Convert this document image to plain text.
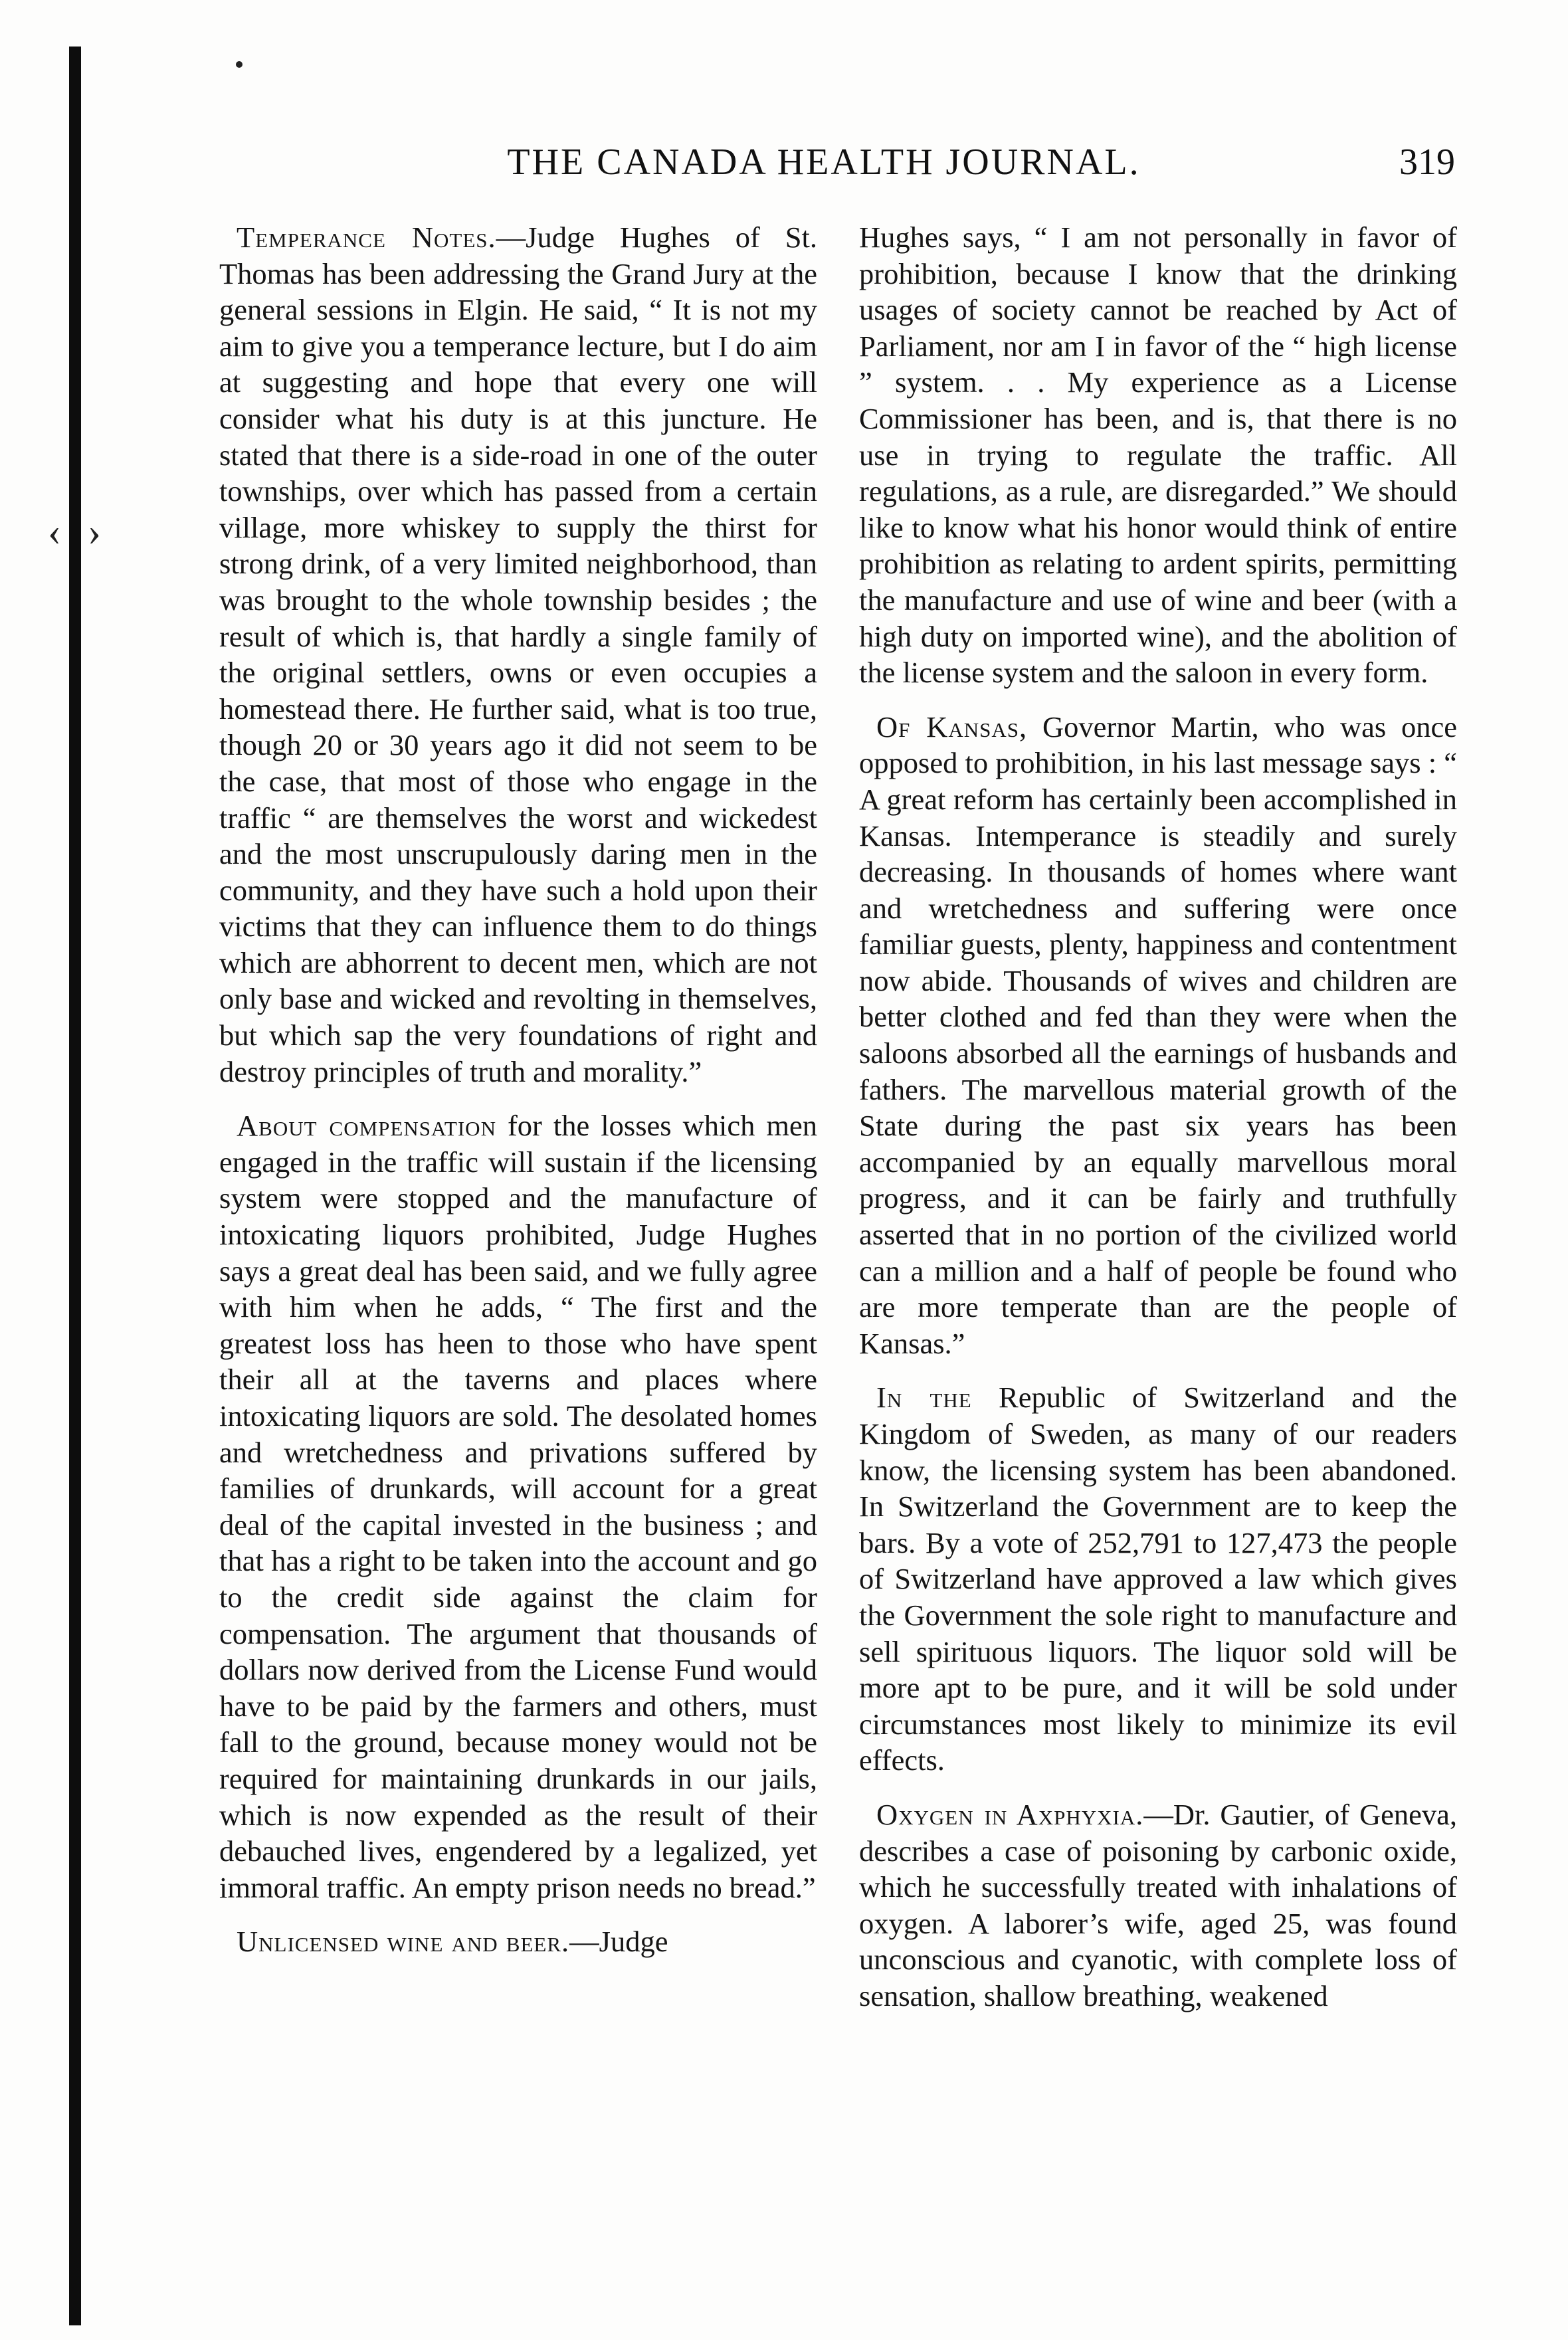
‹ ›
THE CANADA HEALTH JOURNAL.	319

Temperance Notes.—Judge Hughes of St. Thomas has been addressing the Grand Jury at the general sessions in Elgin. He said, “ It is not my aim to give you a temperance lecture, but I do aim at suggesting and hope that every one will consider what his duty is at this juncture. He stated that there is a side-road in one of the outer townships, over which has passed from a certain village, more whiskey to supply the thirst for strong drink, of a very limited neighborhood, than was brought to the whole township besides ; the result of which is, that hardly a single family of the original settlers, owns or even occupies a homestead there. He further said, what is too true, though 20 or 30 years ago it did not seem to be the case, that most of those who engage in the traffic “ are themselves the worst and wickedest and the most unscrupulously daring men in the community, and they have such a hold upon their victims that they can influence them to do things which are abhorrent to decent men, which are not only base and wicked and revolting in themselves, but which sap the very foundations of right and destroy principles of truth and morality.”

About compensation for the losses which men engaged in the traffic will sustain if the licensing system were stopped and the manufacture of intoxicating liquors prohibited, Judge Hughes says a great deal has been said, and we fully agree with him when he adds, “ The first and the greatest loss has heen to those who have spent their all at the taverns and places where intoxicating liquors are sold. The desolated homes and wretchedness and privations suffered by families of drunkards, will account for a great deal of the capital invested in the business ; and that has a right to be taken into the account and go to the credit side against the claim for compensation. The argument that thousands of dollars now derived from the License Fund would have to be paid by the farmers and others, must fall to the ground, because money would not be required for maintaining drunkards in our jails, which is now expended as the result of their debauched lives, engendered by a legalized, yet immoral traffic. An empty prison needs no bread.”

Unlicensed wine and beer.—Judge

Hughes says, “ I am not personally in favor of prohibition, because I know that the drinking usages of society cannot be reached by Act of Parliament, nor am I in favor of the “ high license ” system. . . My experience as a License Commissioner has been, and is, that there is no use in trying to regulate the traffic. All regulations, as a rule, are disregarded.” We should like to know what his honor would think of entire prohibition as relating to ardent spirits, permitting the manufacture and use of wine and beer (with a high duty on imported wine), and the abolition of the license system and the saloon in every form.

Of Kansas, Governor Martin, who was once opposed to prohibition, in his last message says : “ A great reform has certainly been accomplished in Kansas. Intemperance is steadily and surely decreasing. In thousands of homes where want and wretchedness and suffering were once familiar guests, plenty, happiness and contentment now abide. Thousands of wives and children are better clothed and fed than they were when the saloons absorbed all the earnings of husbands and fathers. The marvellous material growth of the State during the past six years has been accompanied by an equally marvellous moral progress, and it can be fairly and truthfully asserted that in no portion of the civilized world can a million and a half of people be found who are more temperate than are the people of Kansas.”

In the Republic of Switzerland and the Kingdom of Sweden, as many of our readers know, the licensing system has been abandoned. In Switzerland the Government are to keep the bars. By a vote of 252,791 to 127,473 the people of Switzerland have approved a law which gives the Government the sole right to manufacture and sell spirituous liquors. The liquor sold will be more apt to be pure, and it will be sold under circumstances most likely to minimize its evil effects.

Oxygen in Axphyxia.—Dr. Gautier, of Geneva, describes a case of poisoning by carbonic oxide, which he successfully treated with inhalations of oxygen. A laborer’s wife, aged 25, was found unconscious and cyanotic, with complete loss of sensation, shallow breathing, weakened
